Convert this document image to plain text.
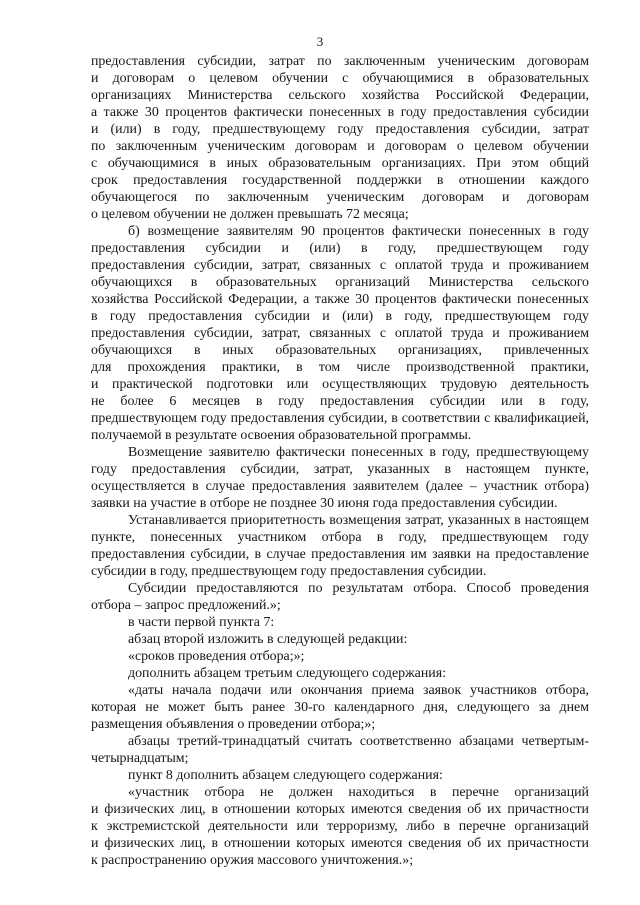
3
предоставления субсидии, затрат по заключенным ученическим договорам
и договорам о целевом обучении с обучающимися в образовательных
организациях Министерства сельского хозяйства Российской Федерации,
а также 30 процентов фактически понесенных в году предоставления субсидии
и (или) в году, предшествующему году предоставления субсидии, затрат
по заключенным ученическим договорам и договорам о целевом обучении
с обучающимися в иных образовательным организациях. При этом общий
срок предоставления государственной поддержки в отношении каждого
обучающегося по заключенным ученическим договорам и договорам
о целевом обучении не должен превышать 72 месяца;
б) возмещение заявителям 90 процентов фактически понесенных в году
предоставления субсидии и (или) в году, предшествующем году
предоставления субсидии, затрат, связанных с оплатой труда и проживанием
обучающихся в образовательных организаций Министерства сельского
хозяйства Российской Федерации, а также 30 процентов фактически понесенных
в году предоставления субсидии и (или) в году, предшествующем году
предоставления субсидии, затрат, связанных с оплатой труда и проживанием
обучающихся в иных образовательных организациях, привлеченных
для прохождения практики, в том числе производственной практики,
и практической подготовки или осуществляющих трудовую деятельность
не более 6 месяцев в году предоставления субсидии или в году,
предшествующем году предоставления субсидии, в соответствии с квалификацией,
получаемой в результате освоения образовательной программы.
Возмещение заявителю фактически понесенных в году, предшествующему
году предоставления субсидии, затрат, указанных в настоящем пункте,
осуществляется в случае предоставления заявителем (далее – участник отбора)
заявки на участие в отборе не позднее 30 июня года предоставления субсидии.
Устанавливается приоритетность возмещения затрат, указанных в настоящем
пункте, понесенных участником отбора в году, предшествующем году
предоставления субсидии, в случае предоставления им заявки на предоставление
субсидии в году, предшествующем году предоставления субсидии.
Субсидии предоставляются по результатам отбора. Способ проведения
отбора – запрос предложений.»;
в части первой пункта 7:
абзац второй изложить в следующей редакции:
«сроков проведения отбора;»;
дополнить абзацем третьим следующего содержания:
«даты начала подачи или окончания приема заявок участников отбора,
которая не может быть ранее 30-го календарного дня, следующего за днем
размещения объявления о проведении отбора;»;
абзацы третий-тринадцатый считать соответственно абзацами четвертым-
четырнадцатым;
пункт 8 дополнить абзацем следующего содержания:
«участник отбора не должен находиться в перечне организаций
и физических лиц, в отношении которых имеются сведения об их причастности
к экстремистской деятельности или терроризму, либо в перечне организаций
и физических лиц, в отношении которых имеются сведения об их причастности
к распространению оружия массового уничтожения.»;
